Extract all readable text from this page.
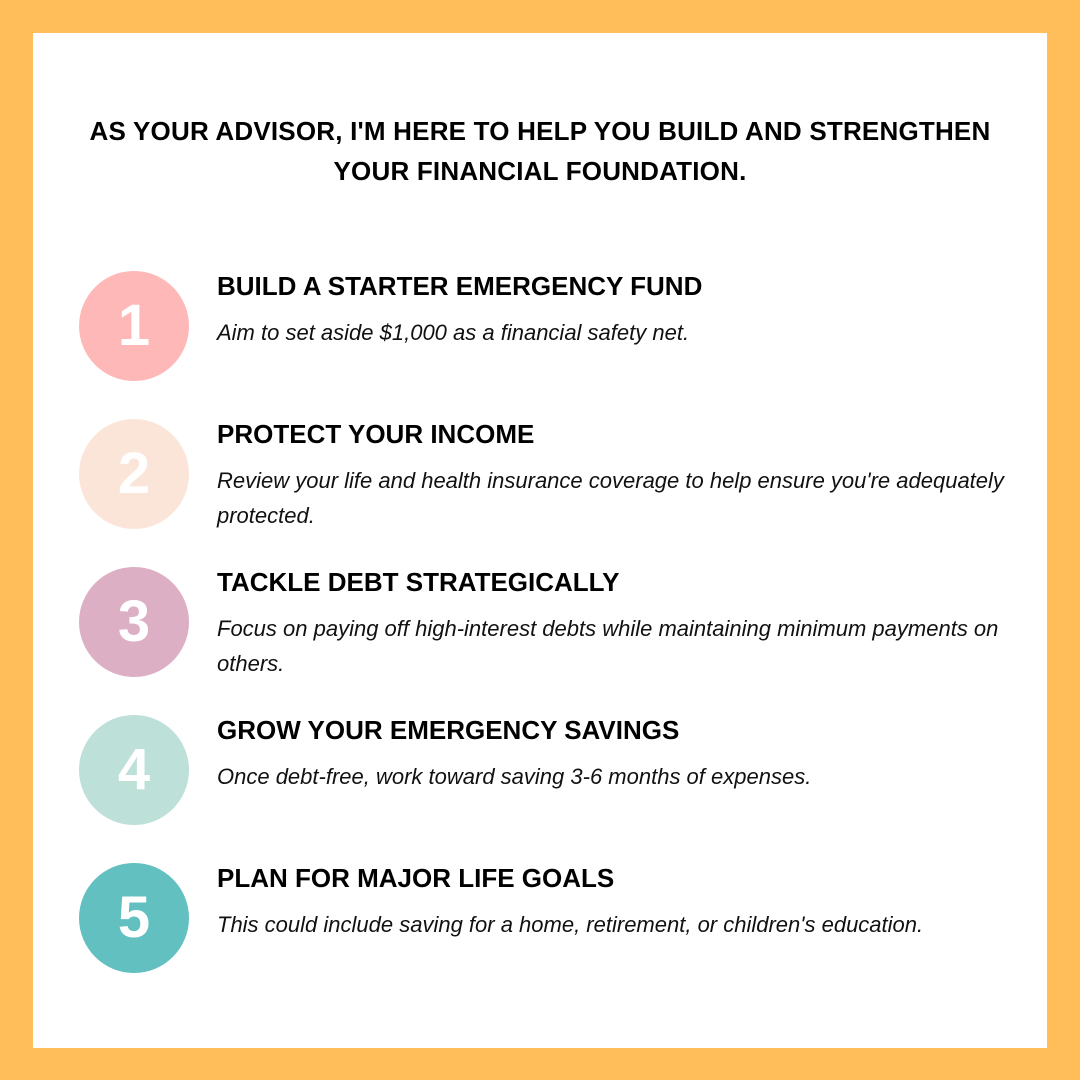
AS YOUR ADVISOR, I'M HERE TO HELP YOU BUILD AND STRENGTHEN
YOUR FINANCIAL FOUNDATION.
1
BUILD A STARTER EMERGENCY FUND

Aim to set aside $1,000 as a financial safety net.

2
PROTECT YOUR INCOME

Review your life and health insurance coverage to help ensure you're adequately protected.

3
TACKLE DEBT STRATEGICALLY

Focus on paying off high-interest debts while maintaining minimum payments on others.

4
GROW YOUR EMERGENCY SAVINGS

Once debt-free, work toward saving 3-6 months of expenses.

5
PLAN FOR MAJOR LIFE GOALS

This could include saving for a home, retirement, or children's education.
